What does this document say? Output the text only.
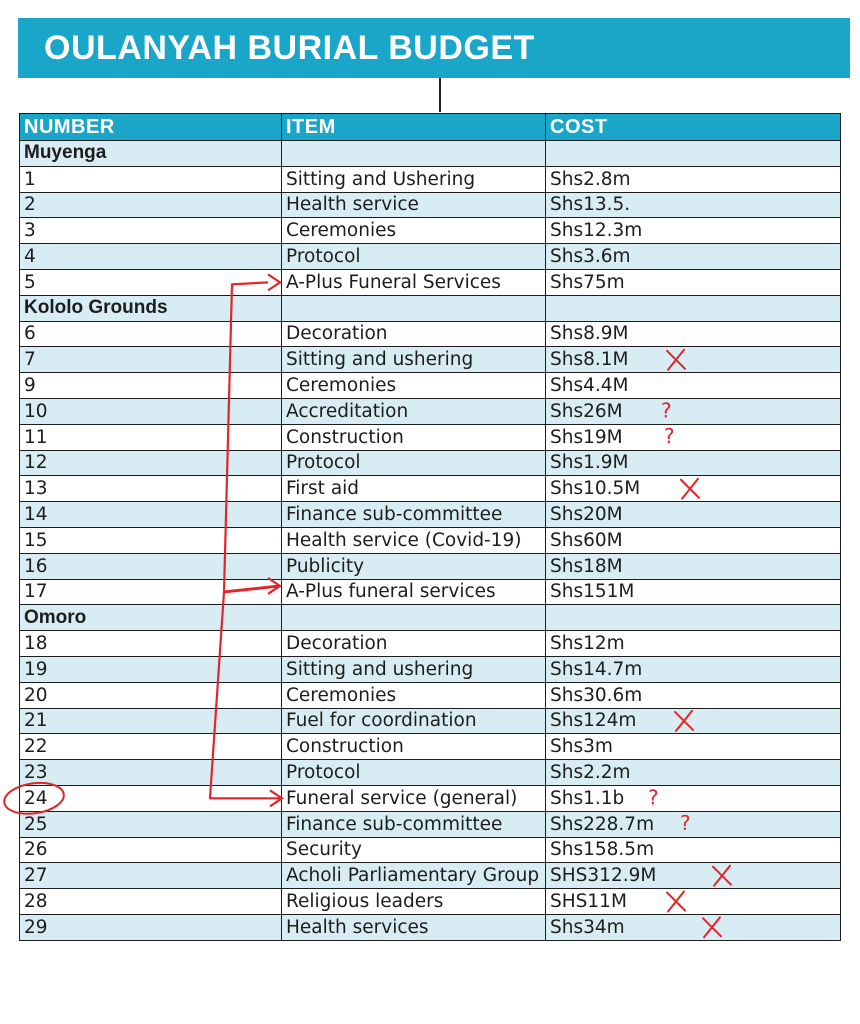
OULANYAH BURIAL BUDGET
NUMBER	ITEM	COST
Muyenga		
1	Sitting and Ushering	Shs2.8m
2	Health service	Shs13.5.
3	Ceremonies	Shs12.3m
4	Protocol	Shs3.6m
5	A-Plus Funeral Services	Shs75m
Kololo Grounds		
6	Decoration	Shs8.9M
7	Sitting and ushering	Shs8.1M
9	Ceremonies	Shs4.4M
10	Accreditation	Shs26M
11	Construction	Shs19M
12	Protocol	Shs1.9M
13	First aid	Shs10.5M
14	Finance sub-committee	Shs20M
15	Health service (Covid-19)	Shs60M
16	Publicity	Shs18M
17	A-Plus funeral services	Shs151M
Omoro		
18	Decoration	Shs12m
19	Sitting and ushering	Shs14.7m
20	Ceremonies	Shs30.6m
21	Fuel for coordination	Shs124m
22	Construction	Shs3m
23	Protocol	Shs2.2m
24	Funeral service (general)	Shs1.1b
25	Finance sub-committee	Shs228.7m
26	Security	Shs158.5m
27	Acholi Parliamentary Group	SHS312.9M
28	Religious leaders	SHS11M
29	Health services	Shs34m
?
?
?
?
